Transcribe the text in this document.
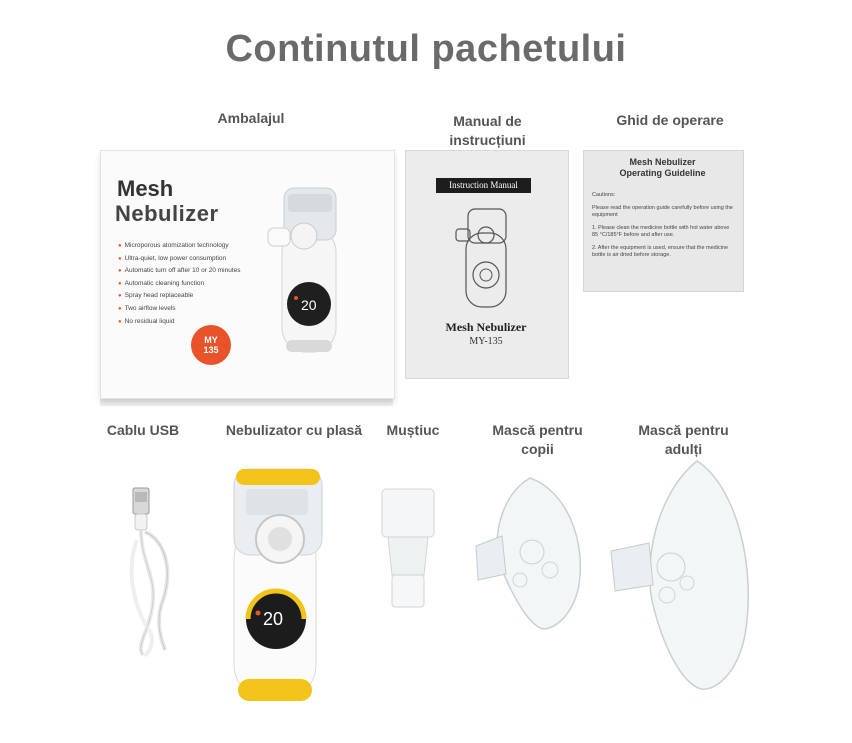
Continutul pachetului
Ambalajul	Manual de
instrucțiuni
Ghid de operare
Cablu USB	Nebulizator cu plasă	Muștiuc	Mască pentru
copii
Mască pentru
adulți
Mesh
Nebulizer
● Microporous atomization technology
● Ultra-quiet, low power consumption
● Automatic turn off after 10 or 20 minutes
● Automatic cleaning function
● Spray head replaceable
● Two airflow levels
● No residual liquid
MY
135
20
Instruction Manual
Mesh Nebulizer
MY-135
Mesh Nebulizer
Operating Guideline

Cautions:

Please read the operation guide carefully before using the equipment

1. Please clean the medicine bottle with hot water above 85 °C/185°F before and after use.

2. After the equipment is used, ensure that the medicine bottle is air dried before storage.

20
